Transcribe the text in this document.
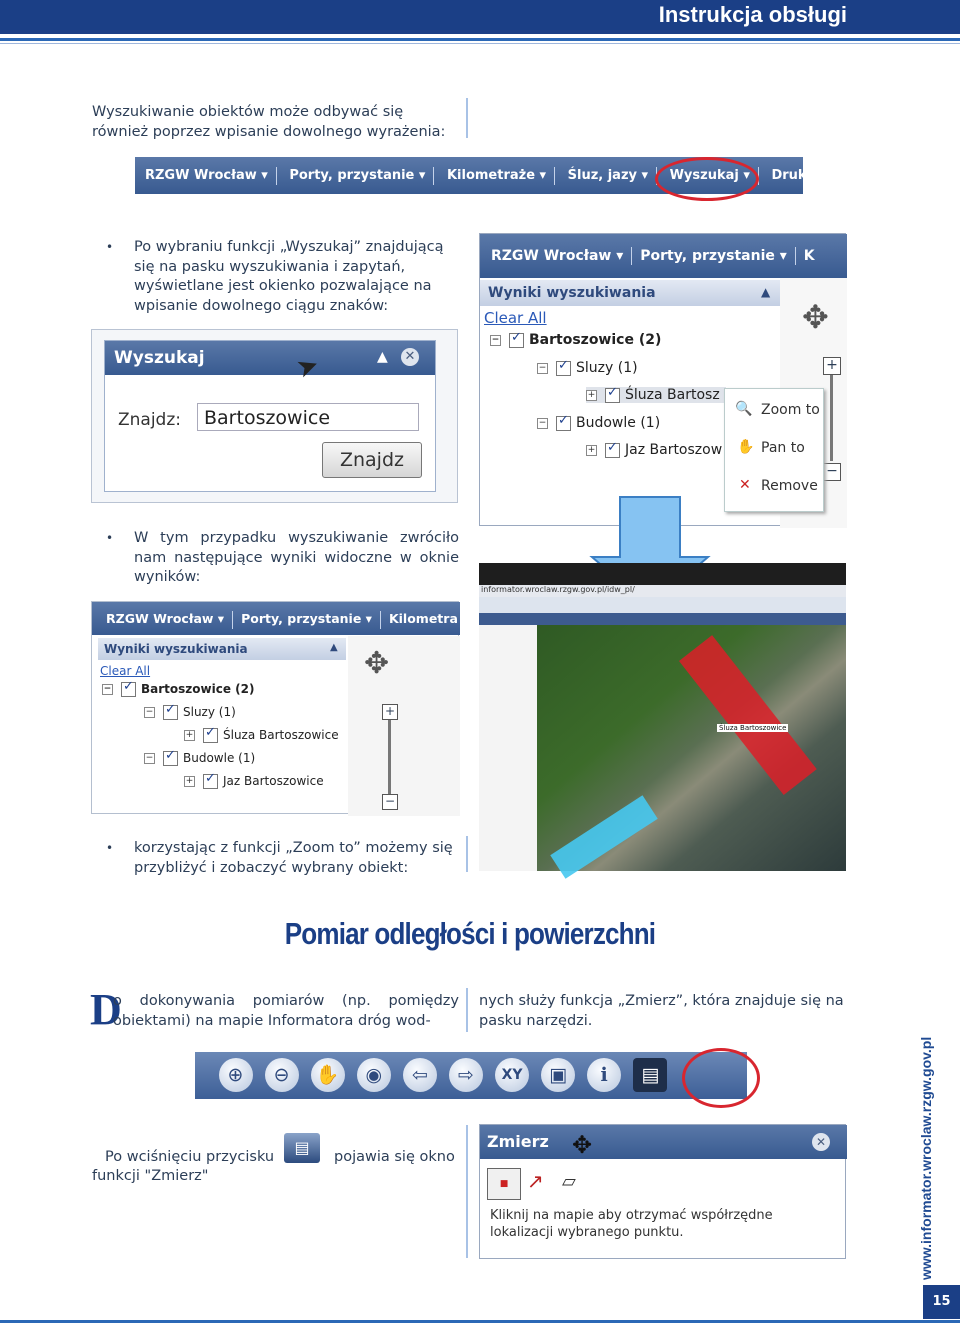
Instrukcja obsługi
Wyszukiwanie obiektów może odbywać się również poprzez wpisanie dowolnego wyrażenia:
RZGW Wrocław ▾ Porty, przystanie ▾ Kilometraże ▾ Śluz, jazy ▾ Wyszukaj ▾ Drukuj
• Po wybraniu funkcji „Wyszukaj” znajdującą się na pasku wyszukiwania i zapytań, wyświetlane jest okienko pozwalające na wpisanie dowolnego ciągu znaków:
Wyszukaj	▲ ✕
Znajdz:	Bartoszowice
Znajdz
➤
RZGW Wrocław ▾ Porty, przystanie ▾ K
Wyniki wyszukiwania	▲
✥
+
−
Clear All
− ✓ Bartoszowice (2)
− ✓ Sluzy (1)
+ ✓ Śluza Bartosz
− ✓ Budowle (1)
+ ✓ Jaz Bartoszow
🔍 Zoom to
✋ Pan to
✕ Remove
• W tym przypadku wyszukiwanie zwróciło nam następujące wyniki widoczne w oknie wyników:
RZGW Wrocław ▾ Porty, przystanie ▾ Kilometra
Wyniki wyszukiwania	▲
Clear All
− ✓ Bartoszowice (2)
− ✓ Sluzy (1)
+ ✓ Śluza Bartoszowice
− ✓ Budowle (1)
+ ✓ Jaz Bartoszowice
✥
+
−
informator.wroclaw.rzgw.gov.pl/idw_pl/
Śluza Bartoszowice
• korzystając z funkcji „Zoom to” możemy się przybliżyć i zobaczyć wybrany obiekt:
Pomiar odległości i powierzchni
D
o dokonywania pomiarów (np. pomiędzy obiektami) na mapie Informatora dróg wod-
nych służy funkcja „Zmierz”, która znajduje się na pasku narzędzi.
⊕ ⊖ ✋ ◉ ⇦ ⇨ XY ▣ ℹ ▤
Po wciśnięciu przycisku	▤	pojawia się okno
funkcji "Zmierz"
Zmierz ✥	✕
■ ↗ ▱
Kliknij na mapie aby otrzymać współrzędne lokalizacji wybranego punktu.	www.informator.wroclaw.rzgw.gov.pl
15
